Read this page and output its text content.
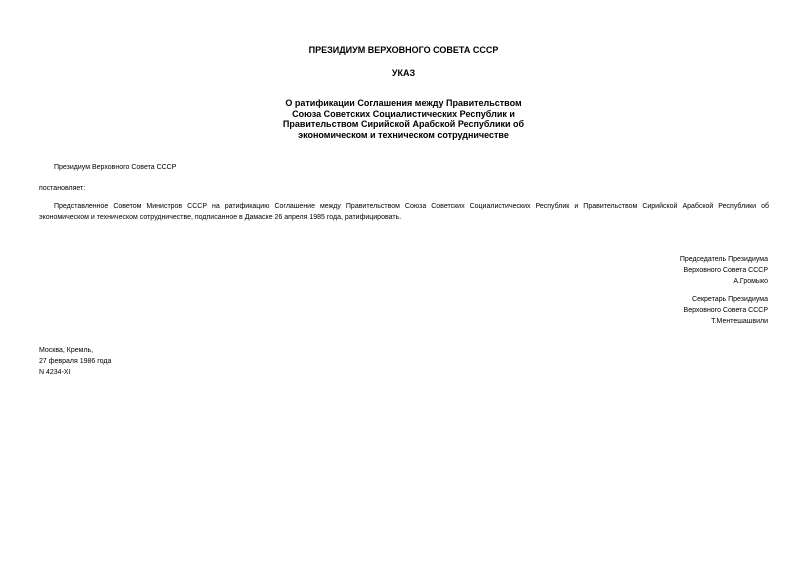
ПРЕЗИДИУМ ВЕРХОВНОГО СОВЕТА СССР
УКАЗ
О ратификации Соглашения между Правительством
Союза Советских Социалистических Республик и
Правительством Сирийской Арабской Республики об
экономическом и техническом сотрудничестве
Президиум Верховного Совета СССР
постановляет:
Представленное Советом Министров СССР на ратификацию Соглашение между Правительством Союза Советских Социалистических Республик и Правительством Сирийской Арабской Республики об
экономическом и техническом сотрудничестве, подписанное в Дамаске 26 апреля 1985 года, ратифицировать.
Председатель Президиума
Верховного Совета СССР
А.Громыко
Секретарь Президиума
Верховного Совета СССР
Т.Ментешашвили
Москва, Кремль,
27 февраля 1986 года
N 4234-XI
